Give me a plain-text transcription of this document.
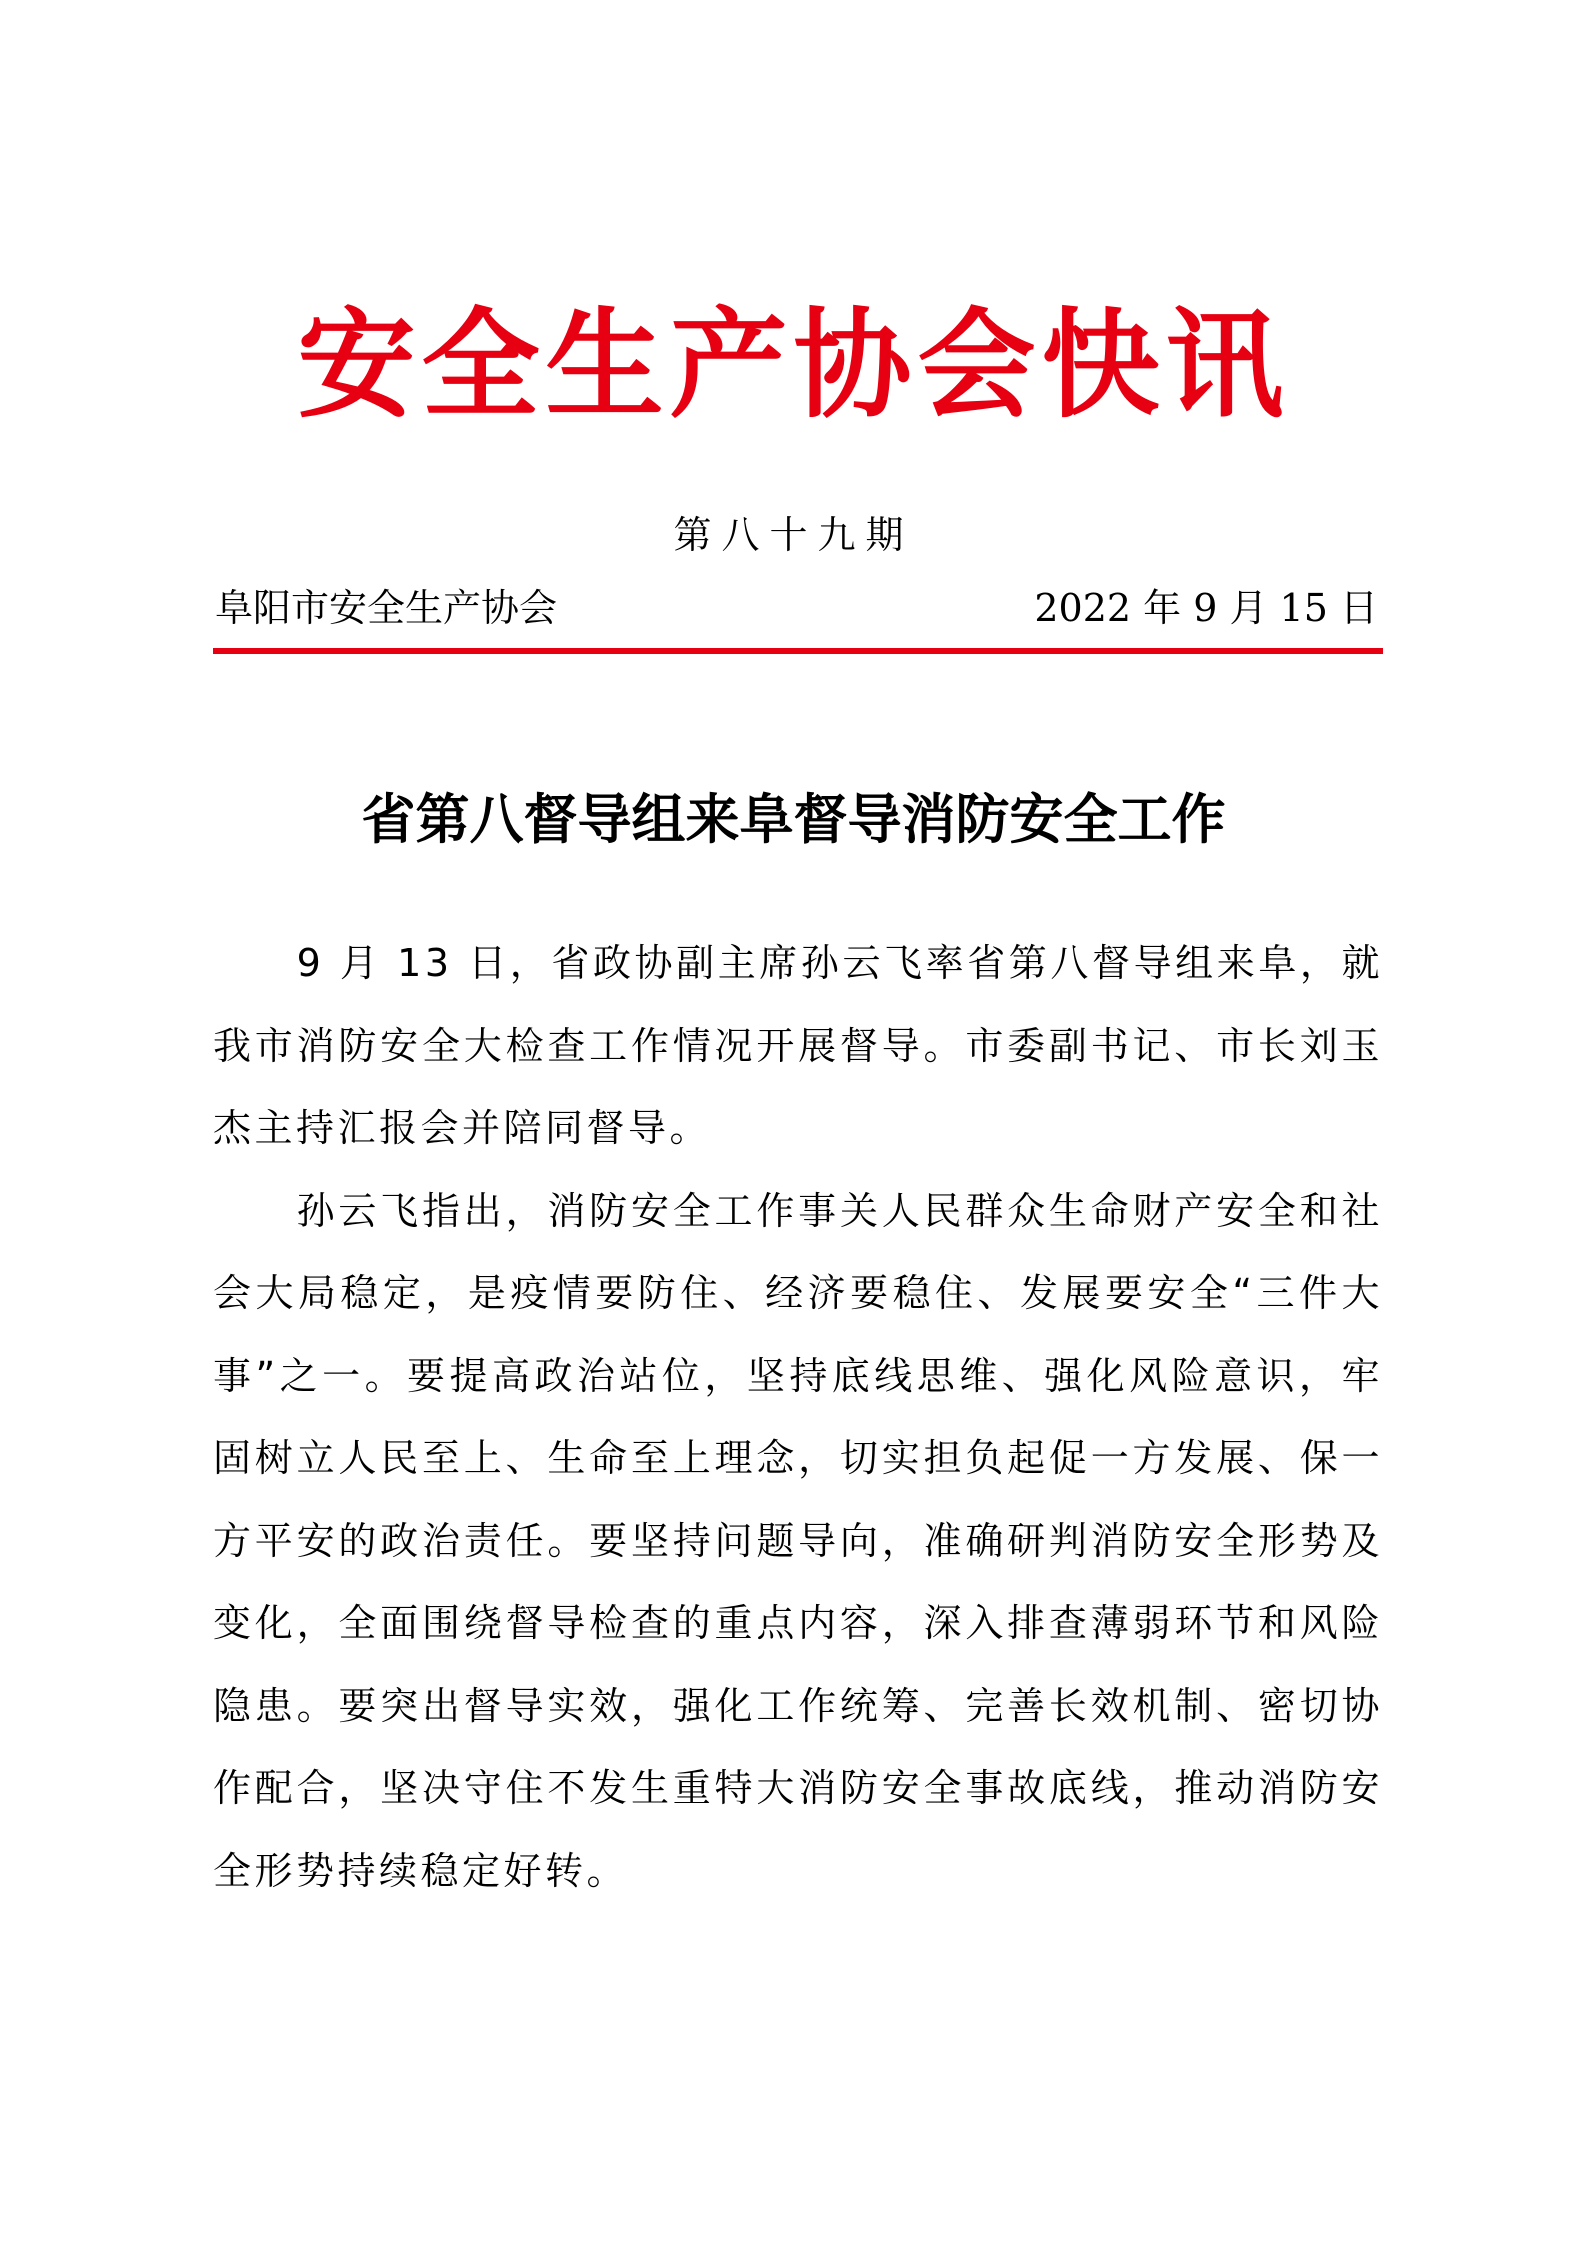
安全生产协会快讯
第八十九期
阜阳市安全生产协会	2022 年 9 月 15 日
省第八督导组来阜督导消防安全工作

9 月 13 日，省政协副主席孙云飞率省第八督导组来阜，就我市消防安全大检查工作情况开展督导。市委副书记、市长刘玉杰主持汇报会并陪同督导。

孙云飞指出，消防安全工作事关人民群众生命财产安全和社会大局稳定，是疫情要防住、经济要稳住、发展要安全“三件大事”之一。要提高政治站位，坚持底线思维、强化风险意识，牢固树立人民至上、生命至上理念，切实担负起促一方发展、保一方平安的政治责任。要坚持问题导向，准确研判消防安全形势及变化，全面围绕督导检查的重点内容，深入排查薄弱环节和风险隐患。要突出督导实效，强化工作统筹、完善长效机制、密切协作配合，坚决守住不发生重特大消防安全事故底线，推动消防安全形势持续稳定好转。
